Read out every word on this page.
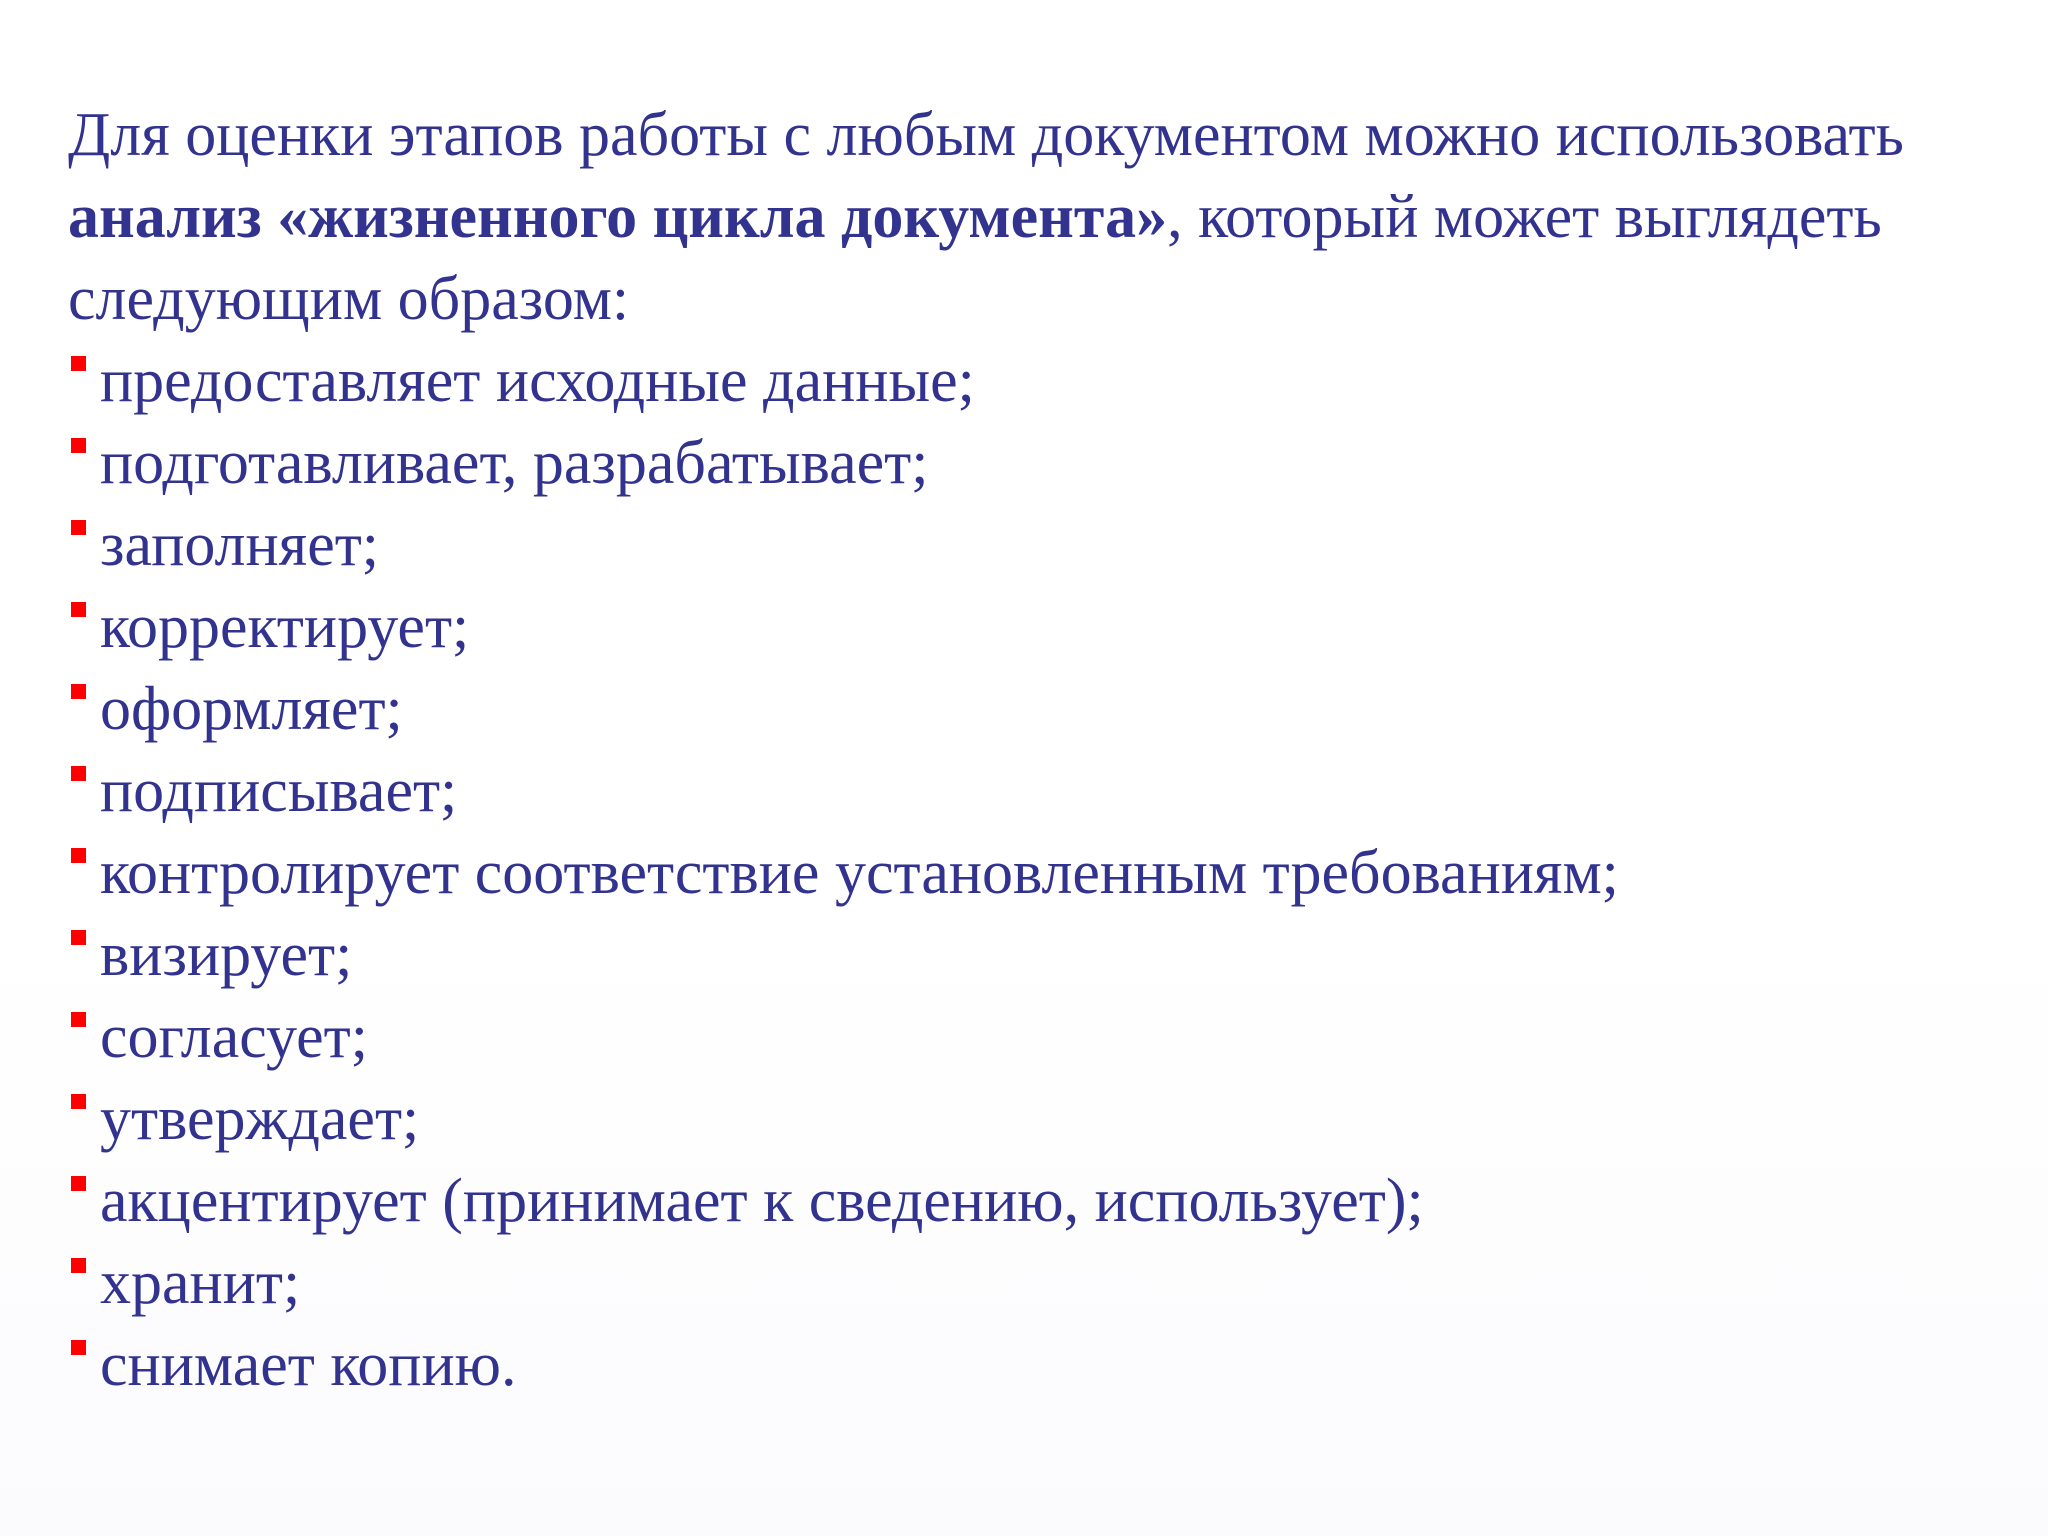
Для оценки этапов работы с любым документом можно использовать анализ «жизненного цикла документа», который может выглядеть следующим образом:

предоставляет исходные данные;
подготавливает, разрабатывает;
заполняет;
корректирует;
оформляет;
подписывает;
контролирует соответствие установленным требованиям;
визирует;
согласует;
утверждает;
акцентирует (принимает к сведению, использует);
хранит;
снимает копию.
